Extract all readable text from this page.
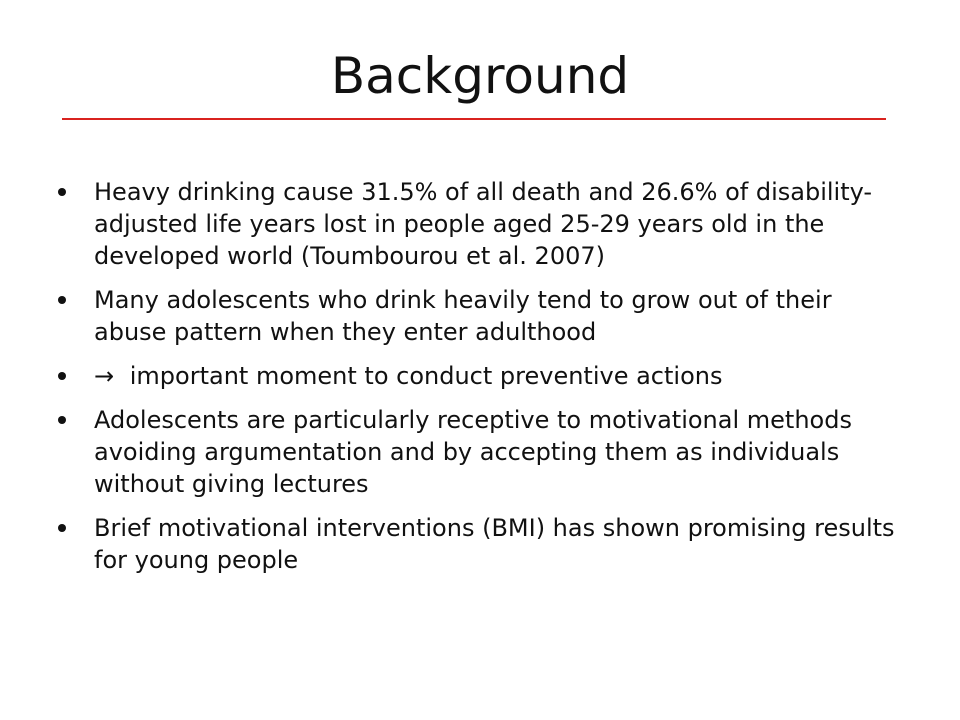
Background
Heavy drinking cause 31.5% of all death and 26.6% of disability-adjusted life years lost in people aged 25-29 years old in the developed world (Toumbourou et al. 2007)
Many adolescents who drink heavily tend to grow out of their abuse pattern when they enter adulthood
→ important moment to conduct preventive actions
Adolescents are particularly receptive to motivational methods avoiding argumentation and by accepting them as individuals without giving lectures
Brief motivational interventions (BMI) has shown promising results for young people
